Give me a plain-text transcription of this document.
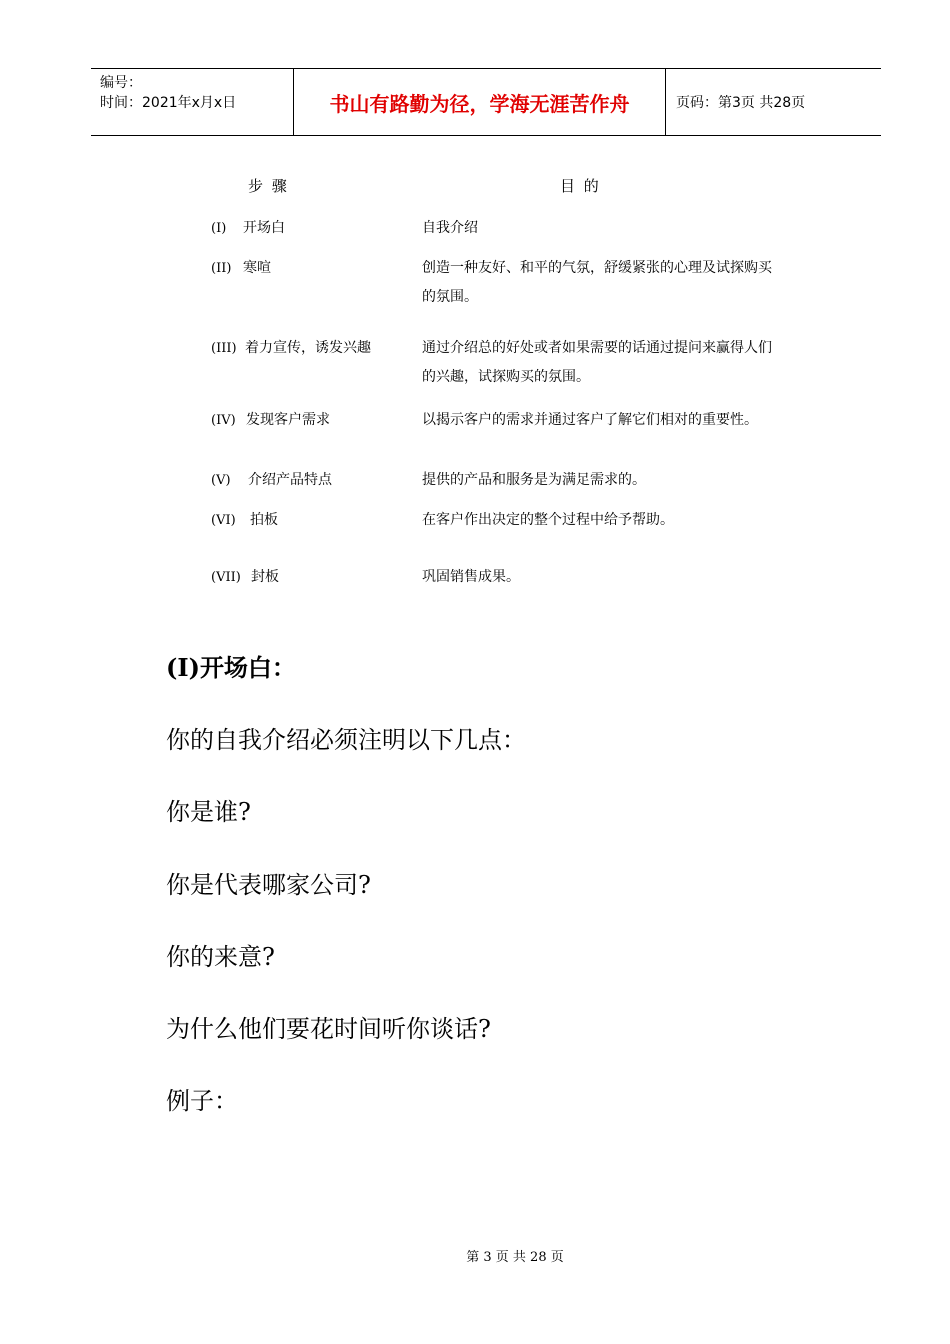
编号：
时间：2021年x月x日	书山有路勤为径，学海无涯苦作舟	页码：第3页 共28页
步 骤	目 的
(I)	开场白	自我介绍
(II) 寒喧	创造一种友好、和平的气氛，舒缓紧张的心理及试探购买的氛围。
(III) 着力宣传，诱发兴趣	通过介绍总的好处或者如果需要的话通过提问来赢得人们的兴趣，试探购买的氛围。
(IV) 发现客户需求	以揭示客户的需求并通过客户了解它们相对的重要性。
(V)	介绍产品特点	提供的产品和服务是为满足需求的。
(VI)	拍板	在客户作出决定的整个过程中给予帮助。
(VII) 封板	巩固销售成果。
(I)开场白：
你的自我介绍必须注明以下几点：
你是谁?
你是代表哪家公司?
你的来意?
为什么他们要花时间听你谈话?
例子：
第 3 页 共 28 页
